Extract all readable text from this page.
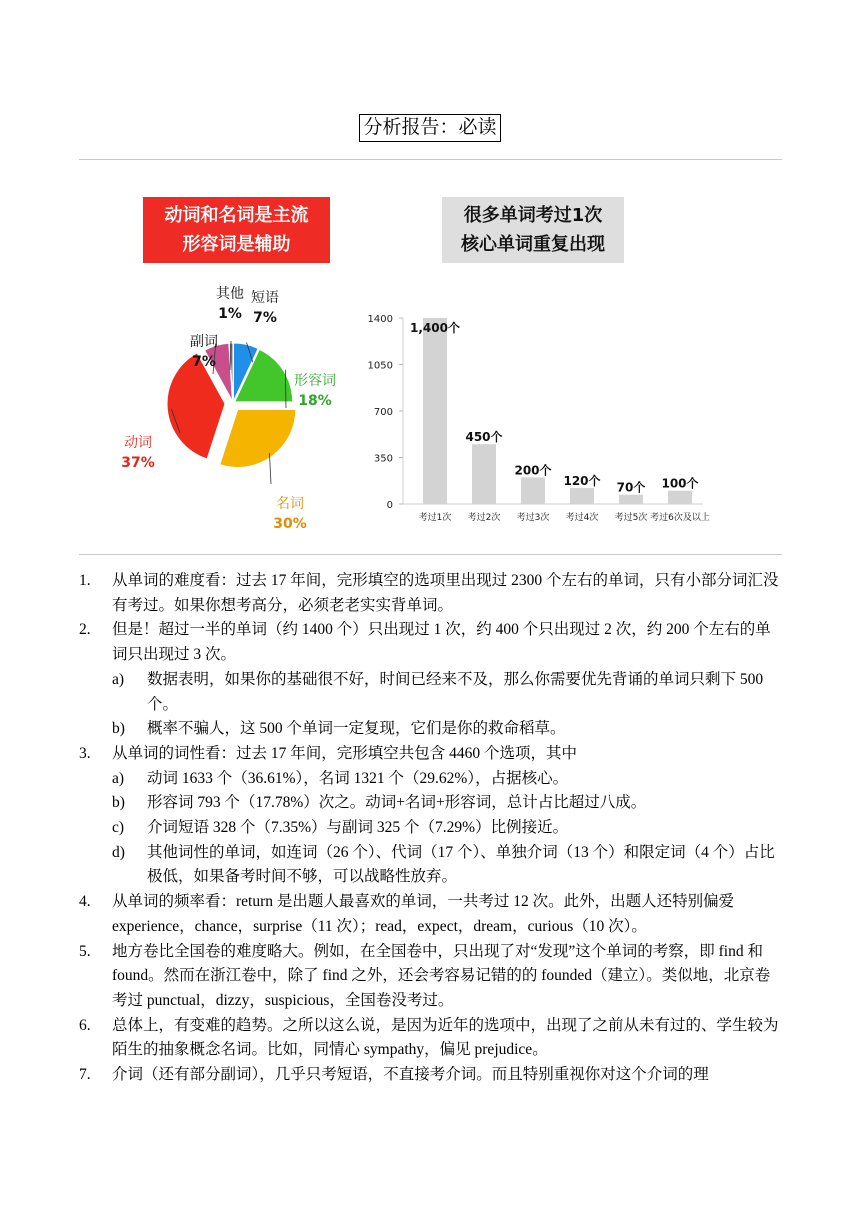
分析报告：必读
动词和名词是主流
形容词是辅助
很多单词考过1次
核心单词重复出现
短语
7%
形容词
18%
名词
30%
动词
37%
副词
7%
其他
1%
0
350
700
1050
1400
1,400个
考过1次
450个
考过2次
200个
考过3次
120个
考过4次
70个
考过5次
100个
考过6次及以上
1.	从单词的难度看：过去 17 年间，完形填空的选项里出现过 2300 个左右的单词，只有小部分词汇没有考过。如果你想考高分，必须老老实实背单词。
2.	但是！超过一半的单词（约 1400 个）只出现过 1 次，约 400 个只出现过 2 次，约 200 个左右的单词只出现过 3 次。
a)	数据表明，如果你的基础很不好，时间已经来不及，那么你需要优先背诵的单词只剩下 500 个。
b)	概率不骗人，这 500 个单词一定复现，它们是你的救命稻草。
3.	从单词的词性看：过去 17 年间，完形填空共包含 4460 个选项，其中
a)	动词 1633 个（36.61%），名词 1321 个（29.62%），占据核心。
b)	形容词 793 个（17.78%）次之。动词+名词+形容词，总计占比超过八成。
c)	介词短语 328 个（7.35%）与副词 325 个（7.29%）比例接近。
d)	其他词性的单词，如连词（26 个）、代词（17 个）、单独介词（13 个）和限定词（4 个）占比极低，如果备考时间不够，可以战略性放弃。
4.	从单词的频率看：return 是出题人最喜欢的单词，一共考过 12 次。此外，出题人还特别偏爱 experience，chance，surprise（11 次）；read，expect，dream，curious（10 次）。
5.	地方卷比全国卷的难度略大。例如，在全国卷中，只出现了对“发现”这个单词的考察，即 find 和 found。然而在浙江卷中，除了 find 之外，还会考容易记错的的 founded（建立）。类似地，北京卷考过 punctual，dizzy，suspicious，全国卷没考过。
6.	总体上，有变难的趋势。之所以这么说，是因为近年的选项中，出现了之前从未有过的、学生较为陌生的抽象概念名词。比如，同情心 sympathy，偏见 prejudice。
7.	介词（还有部分副词），几乎只考短语，不直接考介词。而且特别重视你对这个介词的理
